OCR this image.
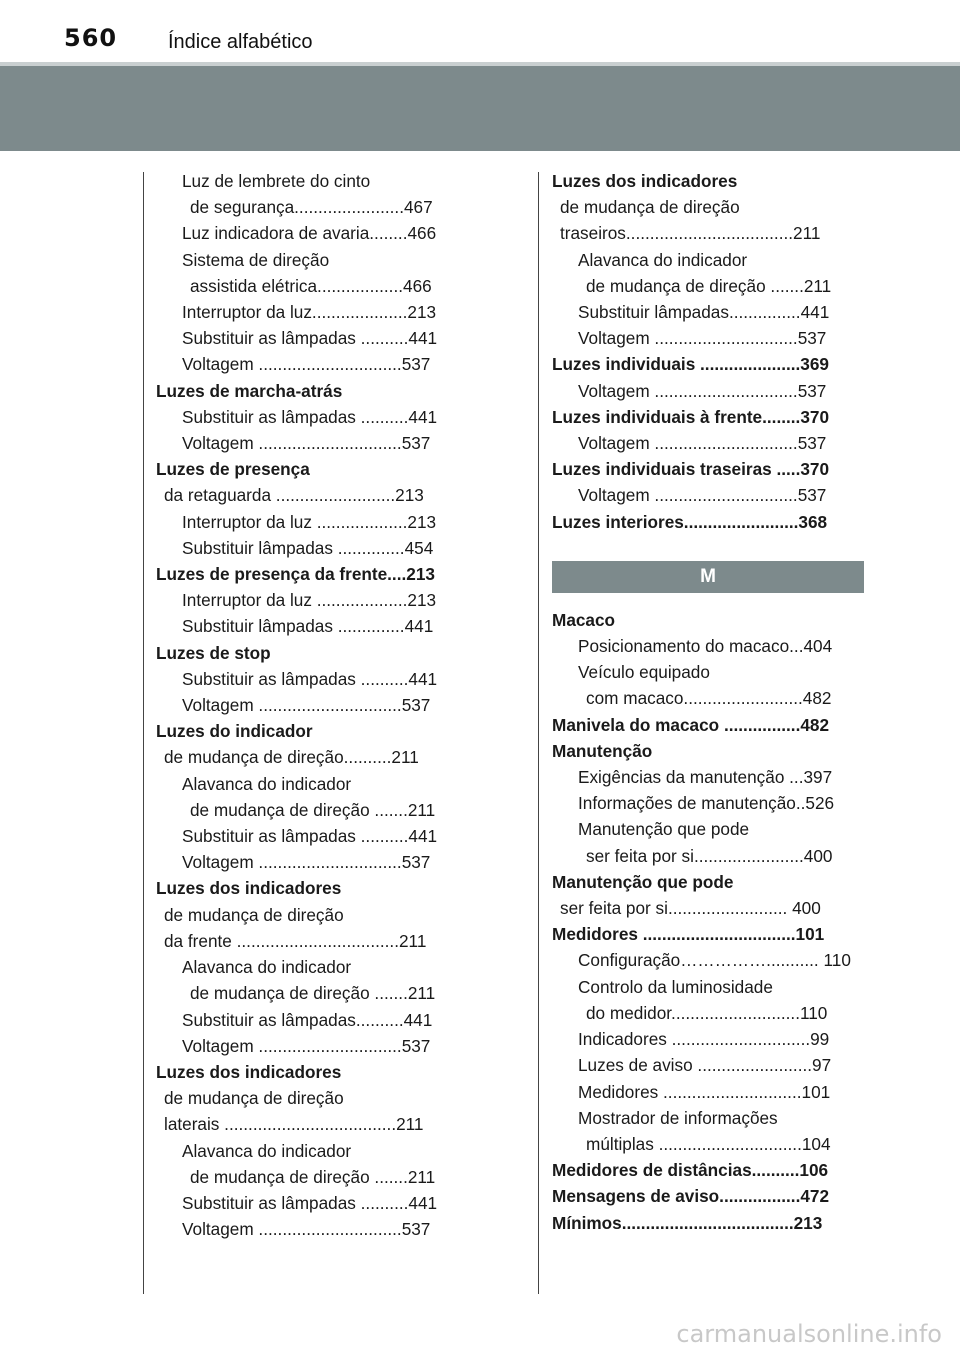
560	Índice alfabético
Luz de lembrete do cinto
de segurança.......................467
Luz indicadora de avaria........466
Sistema de direção
assistida elétrica..................466
Interruptor da luz....................213
Substituir as lâmpadas ..........441
Voltagem ..............................537
Luzes de marcha-atrás
Substituir as lâmpadas ..........441
Voltagem ..............................537
Luzes de presença
da retaguarda .........................213
Interruptor da luz ...................213
Substituir lâmpadas ..............454
Luzes de presença da frente....213
Interruptor da luz ...................213
Substituir lâmpadas ..............441
Luzes de stop
Substituir as lâmpadas ..........441
Voltagem ..............................537
Luzes do indicador
de mudança de direção..........211
Alavanca do indicador
de mudança de direção .......211
Substituir as lâmpadas ..........441
Voltagem ..............................537
Luzes dos indicadores
de mudança de direção
da frente ..................................211
Alavanca do indicador
de mudança de direção .......211
Substituir as lâmpadas..........441
Voltagem ..............................537
Luzes dos indicadores
de mudança de direção
laterais ....................................211
Alavanca do indicador
de mudança de direção .......211
Substituir as lâmpadas ..........441
Voltagem ..............................537
Luzes dos indicadores
de mudança de direção
traseiros...................................211
Alavanca do indicador
de mudança de direção .......211
Substituir lâmpadas...............441
Voltagem ..............................537
Luzes individuais .....................369
Voltagem ..............................537
Luzes individuais à frente........370
Voltagem ..............................537
Luzes individuais traseiras .....370
Voltagem ..............................537
Luzes interiores........................368
M
Macaco
Posicionamento do macaco...404
Veículo equipado
com macaco.........................482
Manivela do macaco ................482
Manutenção
Exigências da manutenção ...397
Informações de manutenção..526
Manutenção que pode
ser feita por si.......................400
Manutenção que pode
ser feita por si......................... 400
Medidores ................................101
Configuração……………........... 110
Controlo da luminosidade
do medidor...........................110
Indicadores .............................99
Luzes de aviso ........................97
Medidores .............................101
Mostrador de informações
múltiplas ..............................104
Medidores de distâncias..........106
Mensagens de aviso.................472
Mínimos....................................213
carmanualsonline.info
